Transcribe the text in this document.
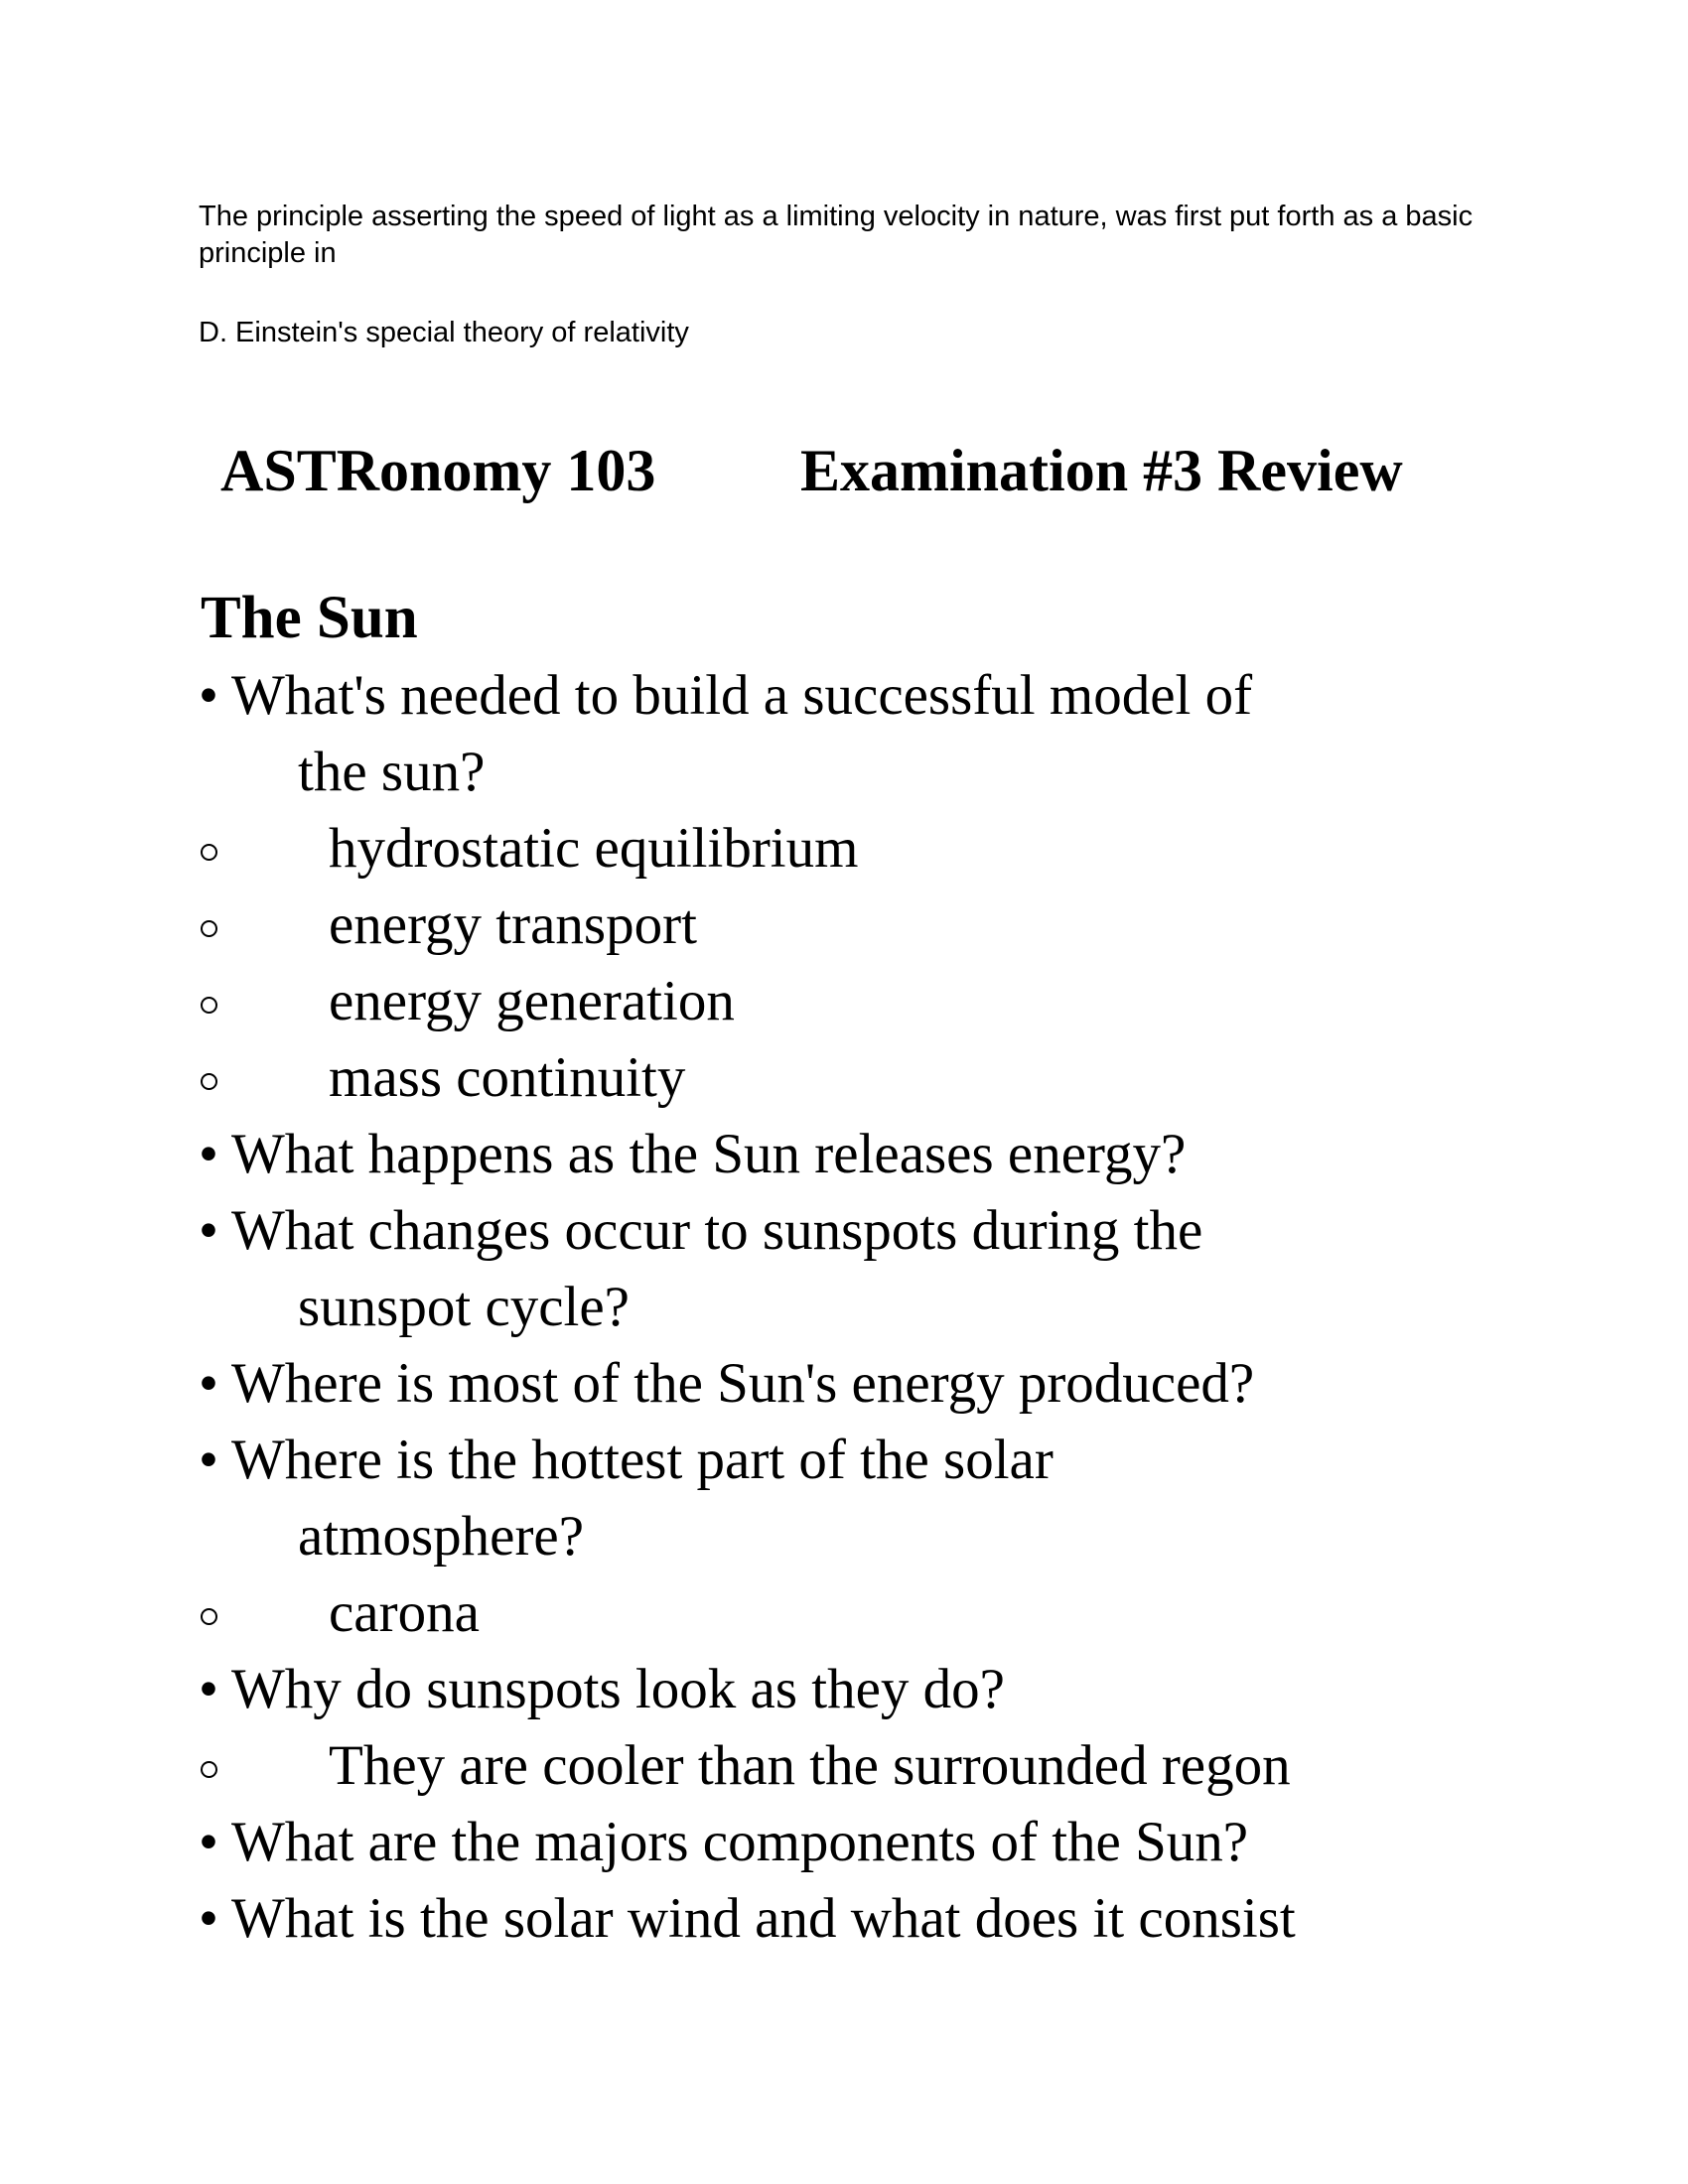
The principle asserting the speed of light as a limiting velocity in nature, was first put forth as a basic principle in
D. Einstein's special theory of relativity
ASTRonomy 103 Examination #3 Review
The Sun
• What's needed to build a successful model of
the sun?
hydrostatic equilibrium
energy transport
energy generation
mass continuity
• What happens as the Sun releases energy?
• What changes occur to sunspots during the
sunspot cycle?
• Where is most of the Sun's energy produced?
• Where is the hottest part of the solar
atmosphere?
carona
• Why do sunspots look as they do?
They are cooler than the surrounded regon
• What are the majors components of the Sun?
• What is the solar wind and what does it consist
